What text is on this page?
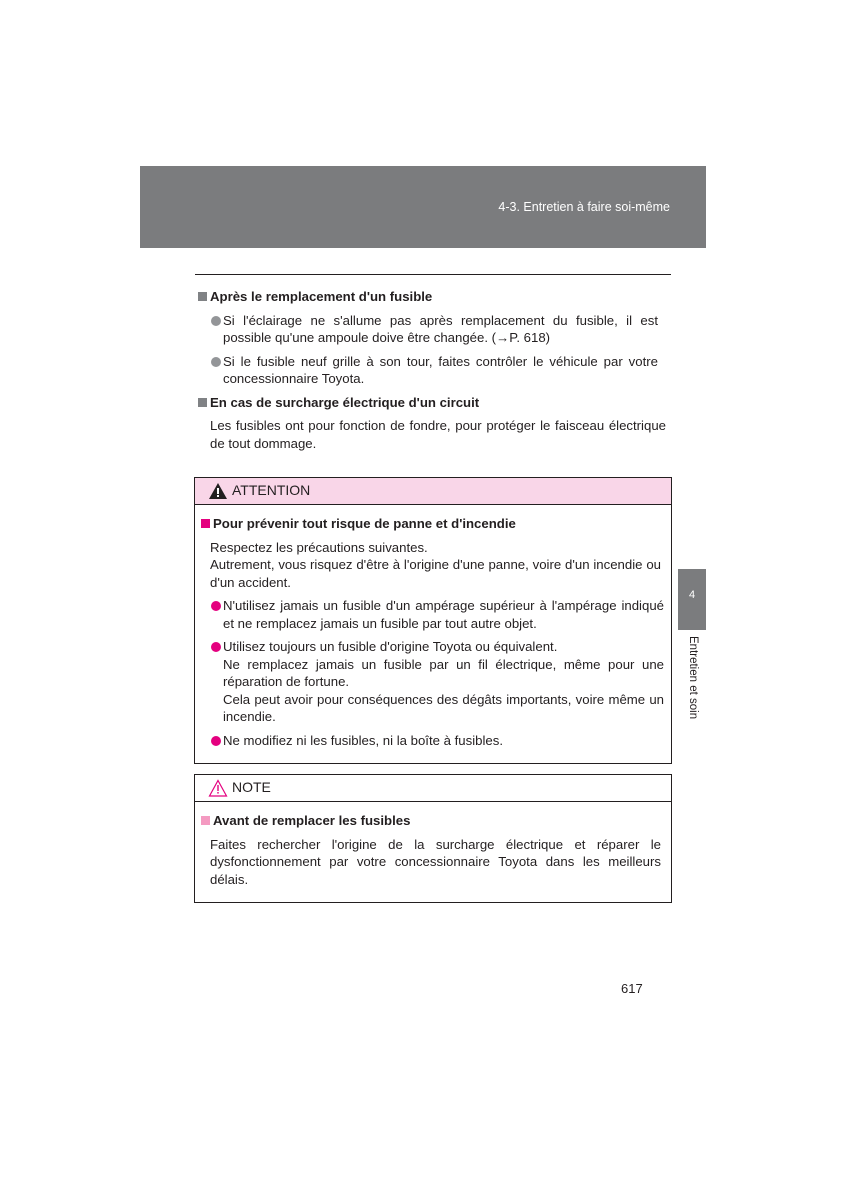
4-3. Entretien à faire soi-même
Après le remplacement d'un fusible
Si l'éclairage ne s'allume pas après remplacement du fusible, il est possible qu'une ampoule doive être changée. (→P. 618)
Si le fusible neuf grille à son tour, faites contrôler le véhicule par votre concessionnaire Toyota.
En cas de surcharge électrique d'un circuit
Les fusibles ont pour fonction de fondre, pour protéger le faisceau électrique de tout dommage.
ATTENTION
Pour prévenir tout risque de panne et d'incendie
Respectez les précautions suivantes.
Autrement, vous risquez d'être à l'origine d'une panne, voire d'un incendie ou d'un accident.
N'utilisez jamais un fusible d'un ampérage supérieur à l'ampérage indiqué et ne remplacez jamais un fusible par tout autre objet.
Utilisez toujours un fusible d'origine Toyota ou équivalent.
Ne remplacez jamais un fusible par un fil électrique, même pour une réparation de fortune.
Cela peut avoir pour conséquences des dégâts importants, voire même un incendie.
Ne modifiez ni les fusibles, ni la boîte à fusibles.
NOTE
Avant de remplacer les fusibles
Faites rechercher l'origine de la surcharge électrique et réparer le dysfonctionnement par votre concessionnaire Toyota dans les meilleurs délais.
4
Entretien et soin
617
